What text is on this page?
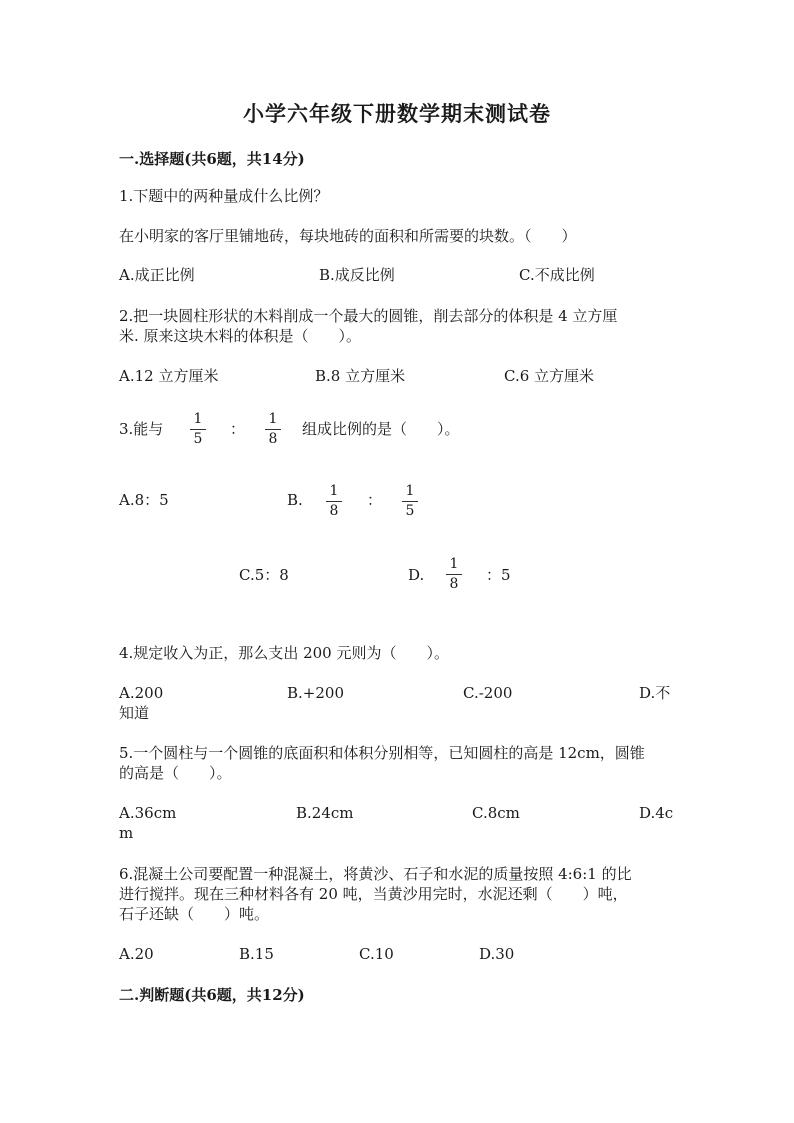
小学六年级下册数学期末测试卷
一.选择题(共6题，共14分)
1.下题中的两种量成什么比例？
在小明家的客厅里铺地砖，每块地砖的面积和所需要的块数。（　　）
A.成正比例	B.成反比例	C.不成比例
2.把一块圆柱形状的木料削成一个最大的圆锥，削去部分的体积是 4 立方厘
米. 原来这块木料的体积是（　　）。
A.12 立方厘米	B.8 立方厘米	C.6 立方厘米
3.能与
1
5
：
1
8
组成比例的是（　　）。
A.8：5	B. 1
8
： 1
5
C.5：8	D.
1
8 ：5
4.规定收入为正，那么支出 200 元则为（　　）。
A.200	B.+200	C.-200	D.不
知道
5.一个圆柱与一个圆锥的底面积和体积分别相等，已知圆柱的高是 12cm，圆锥
的高是（　　）。
A.36cm	B.24cm	C.8cm	D.4c
m
6.混凝土公司要配置一种混凝土，将黄沙、石子和水泥的质量按照 4:6:1 的比
进行搅拌。现在三种材料各有 20 吨，当黄沙用完时，水泥还剩（　　）吨，
石子还缺（　　）吨。
A.20	B.15	C.10	D.30
二.判断题(共6题，共12分)
